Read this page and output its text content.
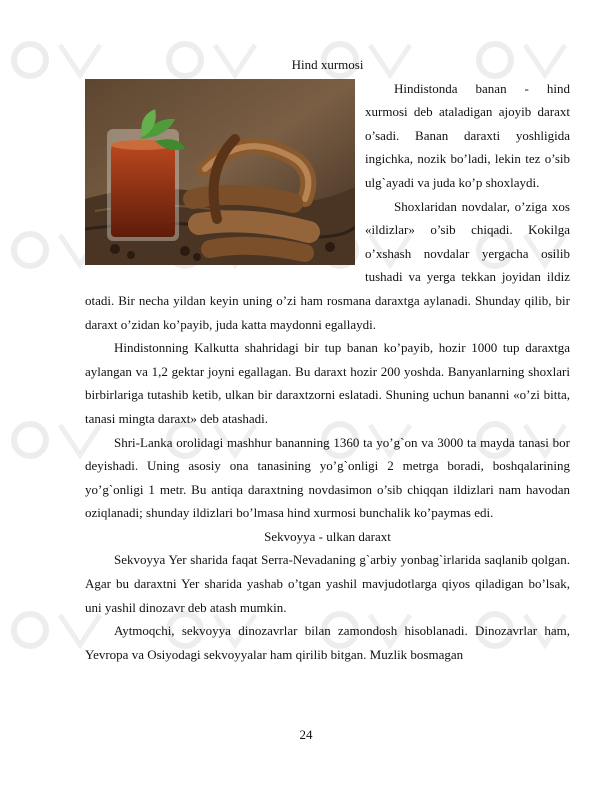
Hind xurmosi

Hindistonda banan - hind xurmosi deb ataladigan ajoyib daraxt o’sadi. Banan daraxti yoshligida ingichka, nozik bo’ladi, lekin tez o’sib ulg`ayadi va juda ko’p shoxlaydi.

Shoxlaridan novdalar, o’ziga xos «ildizlar» o’sib chiqadi. Kokilga o’xshash novdalar yergacha osilib tushadi va yerga tekkan joyidan ildiz otadi. Bir necha yildan keyin uning o’zi ham rosmana daraxtga aylanadi. Shunday qilib, bir daraxt o’zidan ko’payib, juda katta maydonni egallaydi.

Hindistonning Kalkutta shahridagi bir tup banan ko’payib, hozir 1000 tup daraxtga aylangan va 1,2 gektar joyni egallagan. Bu daraxt hozir 200 yoshda. Banyanlarning shoxlari birbirlariga tutashib ketib, ulkan bir daraxtzorni eslatadi. Shuning uchun bananni «o’zi bitta, tanasi mingta daraxt» deb atashadi.

Shri-Lanka orolidagi mashhur bananning 1360 ta yo’g`on va 3000 ta mayda tanasi bor deyishadi. Uning asosiy ona tanasining yo’g`onligi 2 metrga boradi, boshqalarining yo’g`onligi 1 metr. Bu antiqa daraxtning novdasimon o’sib chiqqan ildizlari nam havodan oziqlanadi; shunday ildizlari bo’lmasa hind xurmosi bunchalik ko’paymas edi.

Sekvoyya - ulkan daraxt

Sekvoyya Yer sharida faqat Serra-Nevadaning g`arbiy yonbag`irlarida saqlanib qolgan. Agar bu daraxtni Yer sharida yashab o’tgan yashil mavjudotlarga qiyos qiladigan bo’lsak, uni yashil dinozavr deb atash mumkin.

Aytmoqchi, sekvoyya dinozavrlar bilan zamondosh hisoblanadi. Dinozavrlar ham, Yevropa va Osiyodagi sekvoyyalar ham qirilib bitgan. Muzlik bosmagan

24
